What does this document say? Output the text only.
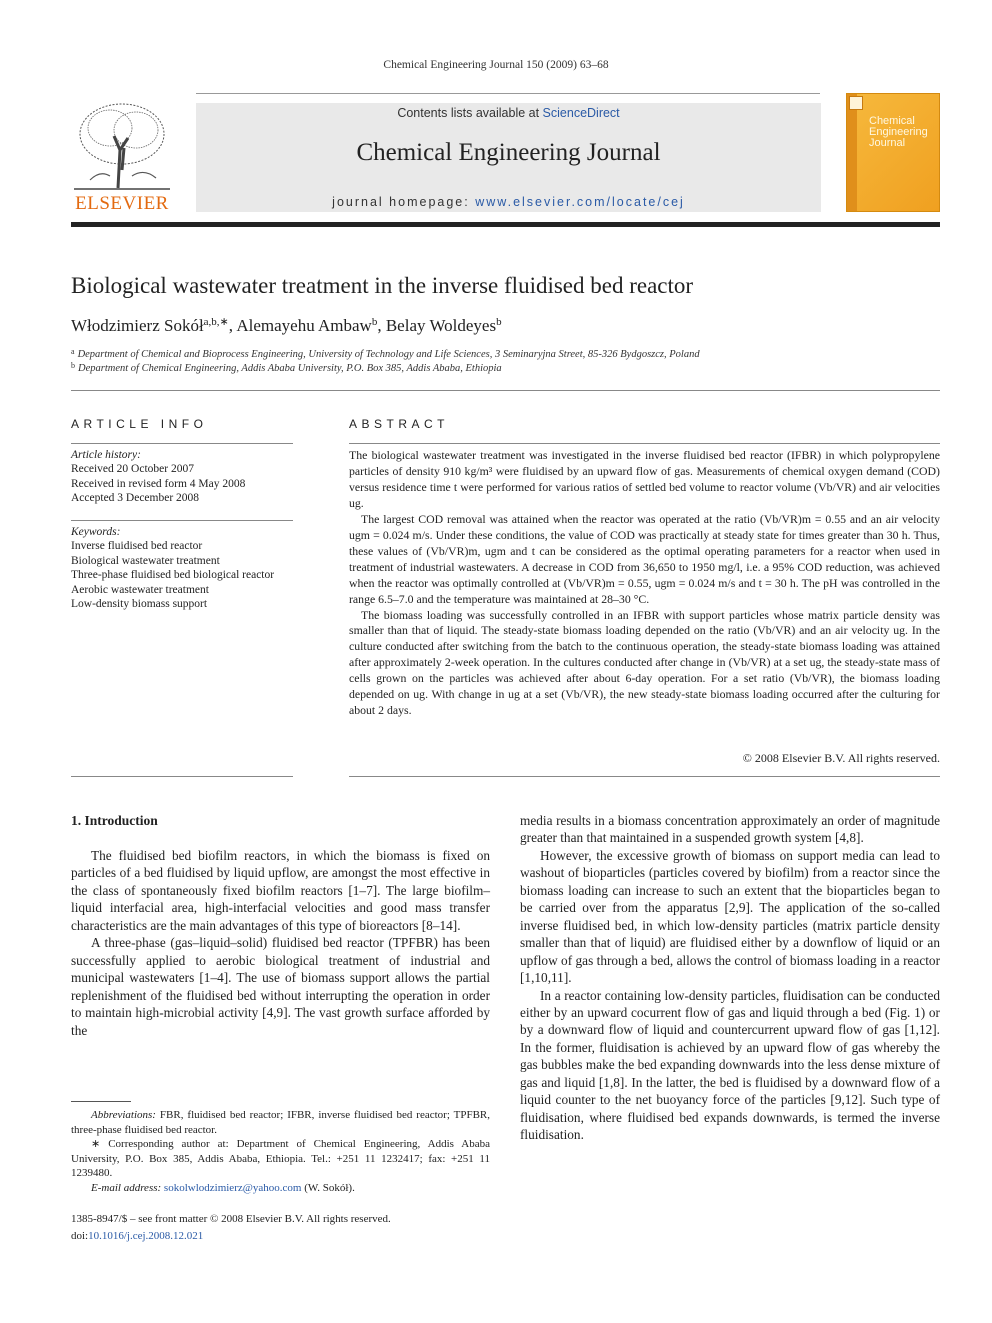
Chemical Engineering Journal 150 (2009) 63–68
ELSEVIER
Contents lists available at ScienceDirect
Chemical Engineering Journal
journal homepage: www.elsevier.com/locate/cej
Chemical
Engineering
Journal
Biological wastewater treatment in the inverse fluidised bed reactor
Włodzimierz Sokół$^{a,b,∗}$, Alemayehu Ambaw$^b$, Belay Woldeyes$^b$
$^a$ Department of Chemical and Bioprocess Engineering, University of Technology and Life Sciences, 3 Seminaryjna Street, 85-326 Bydgoszcz, Poland
$^b$ Department of Chemical Engineering, Addis Ababa University, P.O. Box 385, Addis Ababa, Ethiopia
ARTICLE INFO
Article history:
Received 20 October 2007
Received in revised form 4 May 2008
Accepted 3 December 2008
Keywords:
Inverse fluidised bed reactor
Biological wastewater treatment
Three-phase fluidised bed biological reactor
Aerobic wastewater treatment
Low-density biomass support
ABSTRACT

The biological wastewater treatment was investigated in the inverse fluidised bed reactor (IFBR) in which polypropylene particles of density 910 kg/m³ were fluidised by an upward flow of gas. Measurements of chemical oxygen demand (COD) versus residence time t were performed for various ratios of settled bed volume to reactor volume (Vb/VR) and air velocities ug.

The largest COD removal was attained when the reactor was operated at the ratio (Vb/VR)m = 0.55 and an air velocity ugm = 0.024 m/s. Under these conditions, the value of COD was practically at steady state for times greater than 30 h. Thus, these values of (Vb/VR)m, ugm and t can be considered as the optimal operating parameters for a reactor when used in treatment of industrial wastewaters. A decrease in COD from 36,650 to 1950 mg/l, i.e. a 95% COD reduction, was achieved when the reactor was optimally controlled at (Vb/VR)m = 0.55, ugm = 0.024 m/s and t = 30 h. The pH was controlled in the range 6.5–7.0 and the temperature was maintained at 28–30 °C.

The biomass loading was successfully controlled in an IFBR with support particles whose matrix particle density was smaller than that of liquid. The steady-state biomass loading depended on the ratio (Vb/VR) and an air velocity ug. In the culture conducted after switching from the batch to the continuous operation, the steady-state biomass loading was attained after approximately 2-week operation. In the cultures conducted after change in (Vb/VR) at a set ug, the steady-state mass of cells grown on the particles was achieved after about 6-day operation. For a set ratio (Vb/VR), the biomass loading depended on ug. With change in ug at a set (Vb/VR), the new steady-state biomass loading occurred after the culturing for about 2 days.

© 2008 Elsevier B.V. All rights reserved.
1. Introduction

The fluidised bed biofilm reactors, in which the biomass is fixed on particles of a bed fluidised by liquid upflow, are amongst the most effective in the class of spontaneously fixed biofilm reactors [1–7]. The large biofilm–liquid interfacial area, high-interfacial velocities and good mass transfer characteristics are the main advantages of this type of bioreactors [8–14].

A three-phase (gas–liquid–solid) fluidised bed reactor (TPFBR) has been successfully applied to aerobic biological treatment of industrial and municipal wastewaters [1–4]. The use of biomass support allows the partial replenishment of the fluidised bed without interrupting the operation in order to maintain high-microbial activity [4,9]. The vast growth surface afforded by the

media results in a biomass concentration approximately an order of magnitude greater than that maintained in a suspended growth system [4,8].

However, the excessive growth of biomass on support media can lead to washout of bioparticles (particles covered by biofilm) from a reactor since the biomass loading can increase to such an extent that the bioparticles began to be carried over from the apparatus [2,9]. The application of the so-called inverse fluidised bed, in which low-density particles (matrix particle density smaller than that of liquid) are fluidised either by a downflow of liquid or an upflow of gas through a bed, allows the control of biomass loading in a reactor [1,10,11].

In a reactor containing low-density particles, fluidisation can be conducted either by an upward cocurrent flow of gas and liquid through a bed (Fig. 1) or by a downward flow of liquid and countercurrent upward flow of gas [1,12]. In the former, fluidisation is achieved by an upward flow of gas whereby the gas bubbles make the bed expanding downwards into the less dense mixture of gas and liquid [1,8]. In the latter, the bed is fluidised by a downward flow of a liquid counter to the net buoyancy force of the particles [9,12]. Such type of fluidisation, where fluidised bed expands downwards, is termed the inverse fluidisation.

Abbreviations: FBR, fluidised bed reactor; IFBR, inverse fluidised bed reactor; TPFBR, three-phase fluidised bed reactor.
∗ Corresponding author at: Department of Chemical Engineering, Addis Ababa University, P.O. Box 385, Addis Ababa, Ethiopia. Tel.: +251 11 1232417; fax: +251 11 1239480.
E-mail address: sokolwlodzimierz@yahoo.com (W. Sokół).
1385-8947/$ – see front matter © 2008 Elsevier B.V. All rights reserved.
doi:10.1016/j.cej.2008.12.021
